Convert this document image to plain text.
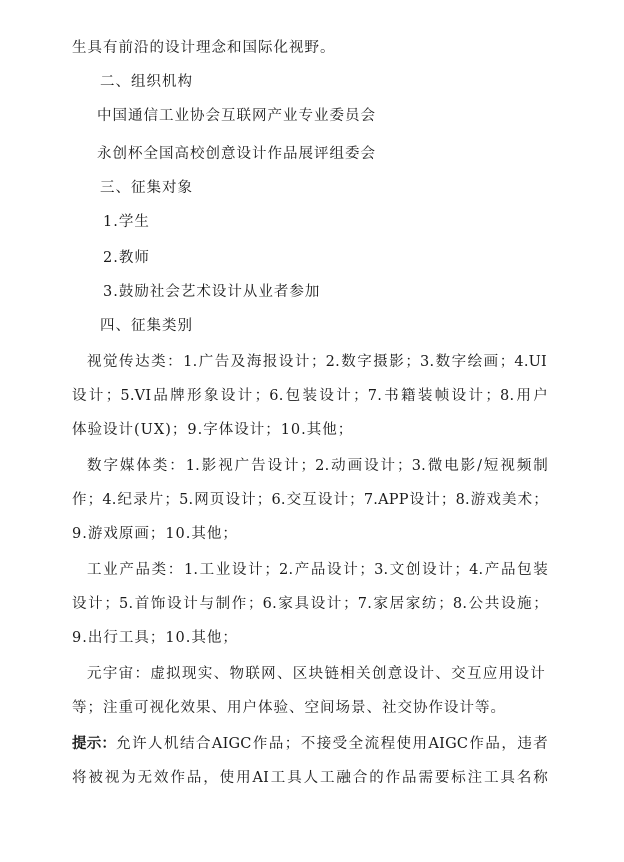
生具有前沿的设计理念和国际化视野。
二、组织机构
中国通信工业协会互联网产业专业委员会
永创杯全国高校创意设计作品展评组委会
三、征集对象
1.学生
2.教师
3.鼓励社会艺术设计从业者参加
四、征集类别
视觉传达类：1.广告及海报设计；2.数字摄影；3.数字绘画；4.UI
设计；5.VI品牌形象设计；6.包装设计；7.书籍装帧设计；8.用户
体验设计(UX)；9.字体设计；10.其他；
数字媒体类：1.影视广告设计；2.动画设计；3.微电影/短视频制
作；4.纪录片；5.网页设计；6.交互设计；7.APP设计；8.游戏美术；
9.游戏原画；10.其他；
工业产品类：1.工业设计；2.产品设计；3.文创设计；4.产品包装
设计；5.首饰设计与制作；6.家具设计；7.家居家纺；8.公共设施；
9.出行工具；10.其他；
元宇宙：虚拟现实、物联网、区块链相关创意设计、交互应用设计
等；注重可视化效果、用户体验、空间场景、社交协作设计等。
提示： 允许人机结合AIGC作品；不接受全流程使用AIGC作品，违者
将被视为无效作品，使用AI工具人工融合的作品需要标注工具名称
